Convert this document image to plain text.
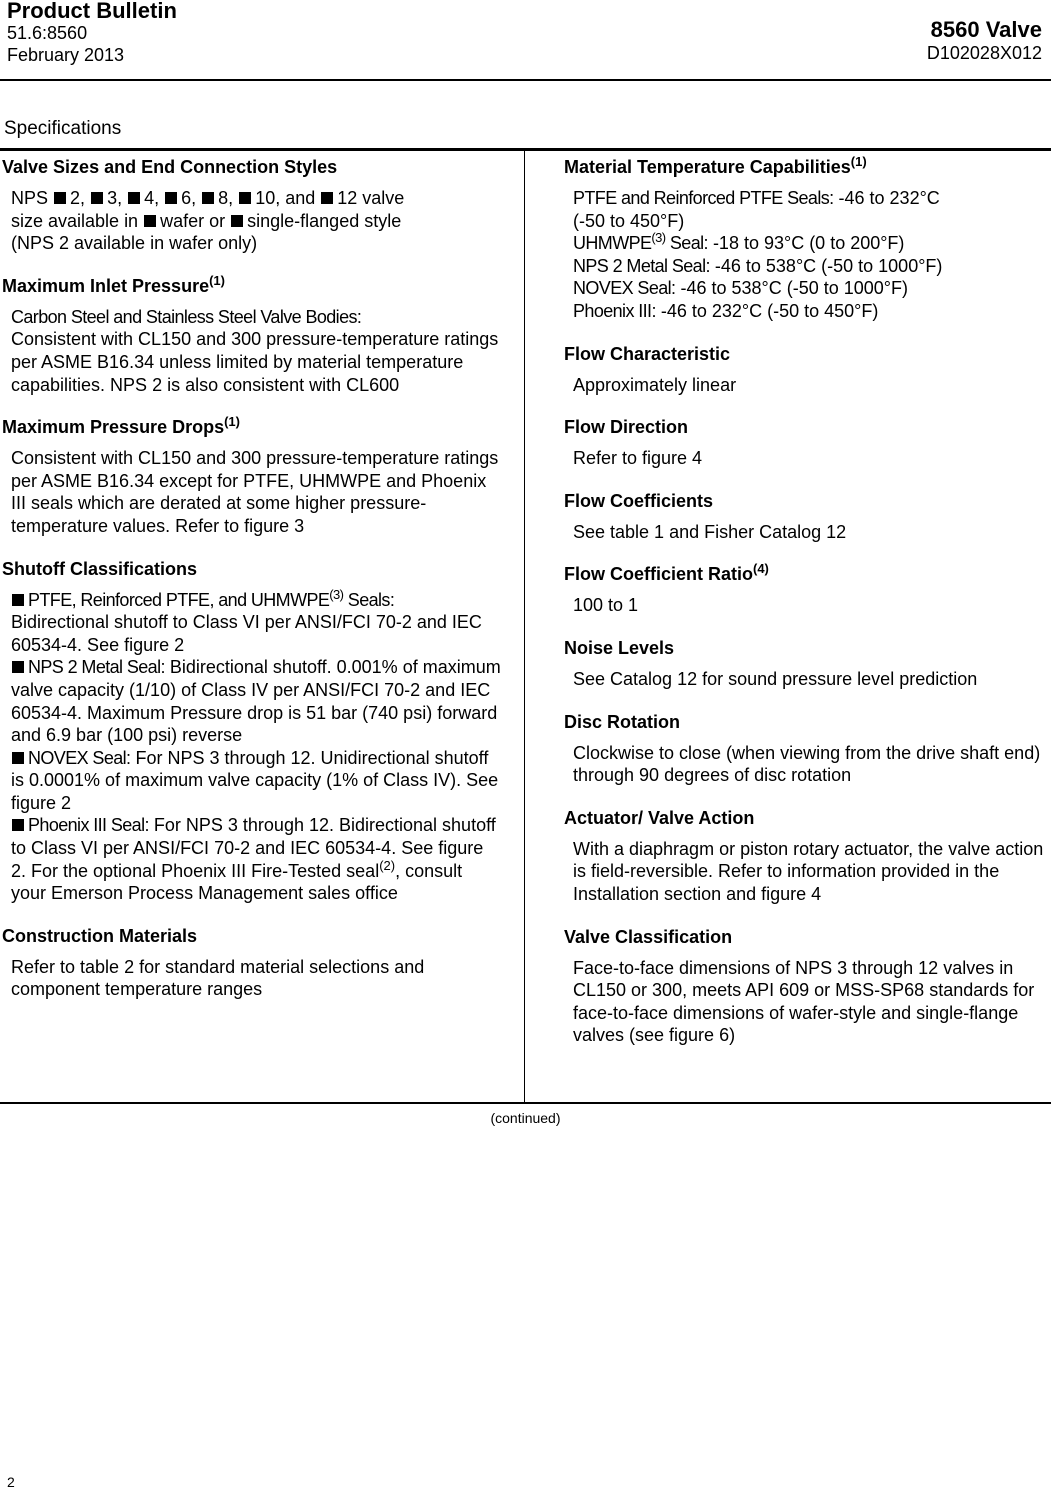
Product Bulletin
51.6:8560
February 2013
8560 Valve
D102028X012
Specifications
Valve Sizes and End Connection Styles
NPS 2, 3, 4, 6, 8, 10, and 12 valve
size available in wafer or single-flanged style
(NPS 2 available in wafer only)
Maximum Inlet Pressure$^{(1)}$
Carbon Steel and Stainless Steel Valve Bodies:
Consistent with CL150 and 300 pressure-temperature ratings per ASME B16.34 unless limited by material temperature capabilities. NPS 2 is also consistent with CL600
Maximum Pressure Drops$^{(1)}$
Consistent with CL150 and 300 pressure-temperature ratings per ASME B16.34 except for PTFE, UHMWPE and Phoenix III seals which are derated at some higher pressure-temperature values. Refer to figure 3
Shutoff Classifications
PTFE, Reinforced PTFE, and UHMWPE$^{(3)}$ Seals:
Bidirectional shutoff to Class VI per ANSI/FCI 70-2 and IEC 60534-4. See figure 2
NPS 2 Metal Seal: Bidirectional shutoff. 0.001% of maximum valve capacity (1/10) of Class IV per ANSI/FCI 70-2 and IEC 60534-4. Maximum Pressure drop is 51 bar (740 psi) forward and 6.9 bar (100 psi) reverse
NOVEX Seal: For NPS 3 through 12. Unidirectional shutoff is 0.0001% of maximum valve capacity (1% of Class IV). See figure 2
Phoenix III Seal: For NPS 3 through 12. Bidirectional shutoff to Class VI per ANSI/FCI 70-2 and IEC 60534-4. See figure 2. For the optional Phoenix III Fire-Tested seal$^{(2)}$, consult your Emerson Process Management sales office
Construction Materials
Refer to table 2 for standard material selections and component temperature ranges
Material Temperature Capabilities$^{(1)}$
PTFE and Reinforced PTFE Seals: -46 to 232°C
(-50 to 450°F)
UHMWPE$^{(3)}$ Seal: -18 to 93°C (0 to 200°F)
NPS 2 Metal Seal: -46 to 538°C (-50 to 1000°F)
NOVEX Seal: -46 to 538°C (-50 to 1000°F)
Phoenix III: -46 to 232°C (-50 to 450°F)
Flow Characteristic
Approximately linear
Flow Direction
Refer to figure 4
Flow Coefficients
See table 1 and Fisher Catalog 12
Flow Coefficient Ratio$^{(4)}$
100 to 1
Noise Levels
See Catalog 12 for sound pressure level prediction
Disc Rotation
Clockwise to close (when viewing from the drive shaft end) through 90 degrees of disc rotation
Actuator/ Valve Action
With a diaphragm or piston rotary actuator, the valve action is field-reversible. Refer to information provided in the Installation section and figure 4
Valve Classification
Face-to-face dimensions of NPS 3 through 12 valves in CL150 or 300, meets API 609 or MSS-SP68 standards for face-to-face dimensions of wafer-style and single-flange valves (see figure 6)
(continued)
2
